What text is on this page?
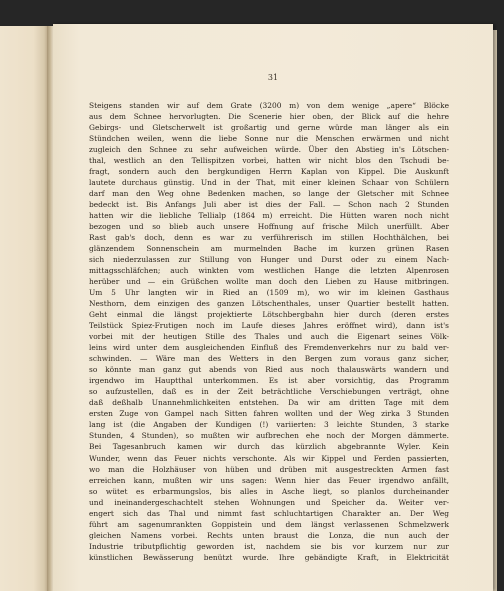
31
Steigens standen wir auf dem Grate (3200 m) von dem wenige „apere“ Blöcke
aus dem Schnee hervorlugten. Die Scenerie hier oben, der Blick auf die hehre
Gebirgs- und Gletscherwelt ist großartig und gerne würde man länger als ein
Stündchen weilen, wenn die liebe Sonne nur die Menschen erwärmen und nicht
zugleich den Schnee zu sehr aufweichen würde. Über den Abstieg in's Lötschen-
thal, westlich an den Tellispitzen vorbei, hatten wir nicht blos den Tschudi be-
fragt, sondern auch den bergkundigen Herrn Kaplan von Kippel. Die Auskunft
lautete durchaus günstig. Und in der That, mit einer kleinen Schaar von Schülern
darf man den Weg ohne Bedenken machen, so lange der Gletscher mit Schnee
bedeckt ist. Bis Anfangs Juli aber ist dies der Fall. — Schon nach 2 Stunden
hatten wir die liebliche Tellialp (1864 m) erreicht. Die Hütten waren noch nicht
bezogen und so blieb auch unsere Hoffnung auf frische Milch unerfüllt. Aber
Rast gab's doch, denn es war zu verführerisch im stillen Hochthälchen, bei
glänzendem Sonnenschein am murmelnden Bache im kurzen grünen Rasen
sich niederzulassen zur Stillung von Hunger und Durst oder zu einem Nach-
mittagsschläfchen; auch winkten vom westlichen Hange die letzten Alpenrosen
herüber und — ein Grüßchen wollte man doch den Lieben zu Hause mitbringen.
Um 5 Uhr langten wir in Ried an (1509 m), wo wir im kleinen Gasthaus
Nesthorn, dem einzigen des ganzen Lötschenthales, unser Quartier bestellt hatten.
Geht einmal die längst projektierte Lötschbergbahn hier durch (deren erstes
Teilstück Spiez-Frutigen noch im Laufe dieses Jahres eröffnet wird), dann ist's
vorbei mit der heutigen Stille des Thales und auch die Eigenart seines Völk-
leins wird unter dem ausgleichenden Einfluß des Fremdenverkehrs nur zu bald ver-
schwinden. — Wäre man des Wetters in den Bergen zum voraus ganz sicher,
so könnte man ganz gut abends von Ried aus noch thalauswärts wandern und
irgendwo im Hauptthal unterkommen. Es ist aber vorsichtig, das Programm
so aufzustellen, daß es in der Zeit beträchtliche Verschiebungen verträgt, ohne
daß deßhalb Unannehmlichkeiten entstehen. Da wir am dritten Tage mit dem
ersten Zuge von Gampel nach Sitten fahren wollten und der Weg zirka 3 Stunden
lang ist (die Angaben der Kundigen (!) variierten: 3 leichte Stunden, 3 starke
Stunden, 4 Stunden), so mußten wir aufbrechen ehe noch der Morgen dämmerte.
Bei Tagesanbruch kamen wir durch das kürzlich abgebrannte Wyler. Kein
Wunder, wenn das Feuer nichts verschonte. Als wir Kippel und Ferden passierten,
wo man die Holzhäuser von hüben und drüben mit ausgestreckten Armen fast
erreichen kann, mußten wir uns sagen: Wenn hier das Feuer irgendwo anfällt,
so wütet es erbarmungslos, bis alles in Asche liegt, so planlos durcheinander
und ineinandergeschachtelt stehen Wohnungen und Speicher da. Weiter ver-
engert sich das Thal und nimmt fast schluchtartigen Charakter an. Der Weg
führt am sagenumrankten Goppistein und dem längst verlassenen Schmelzwerk
gleichen Namens vorbei. Rechts unten braust die Lonza, die nun auch der
Industrie tributpflichtig geworden ist, nachdem sie bis vor kurzem nur zur
künstlichen Bewässerung benützt wurde. Ihre gebändigte Kraft, in Elektricität
